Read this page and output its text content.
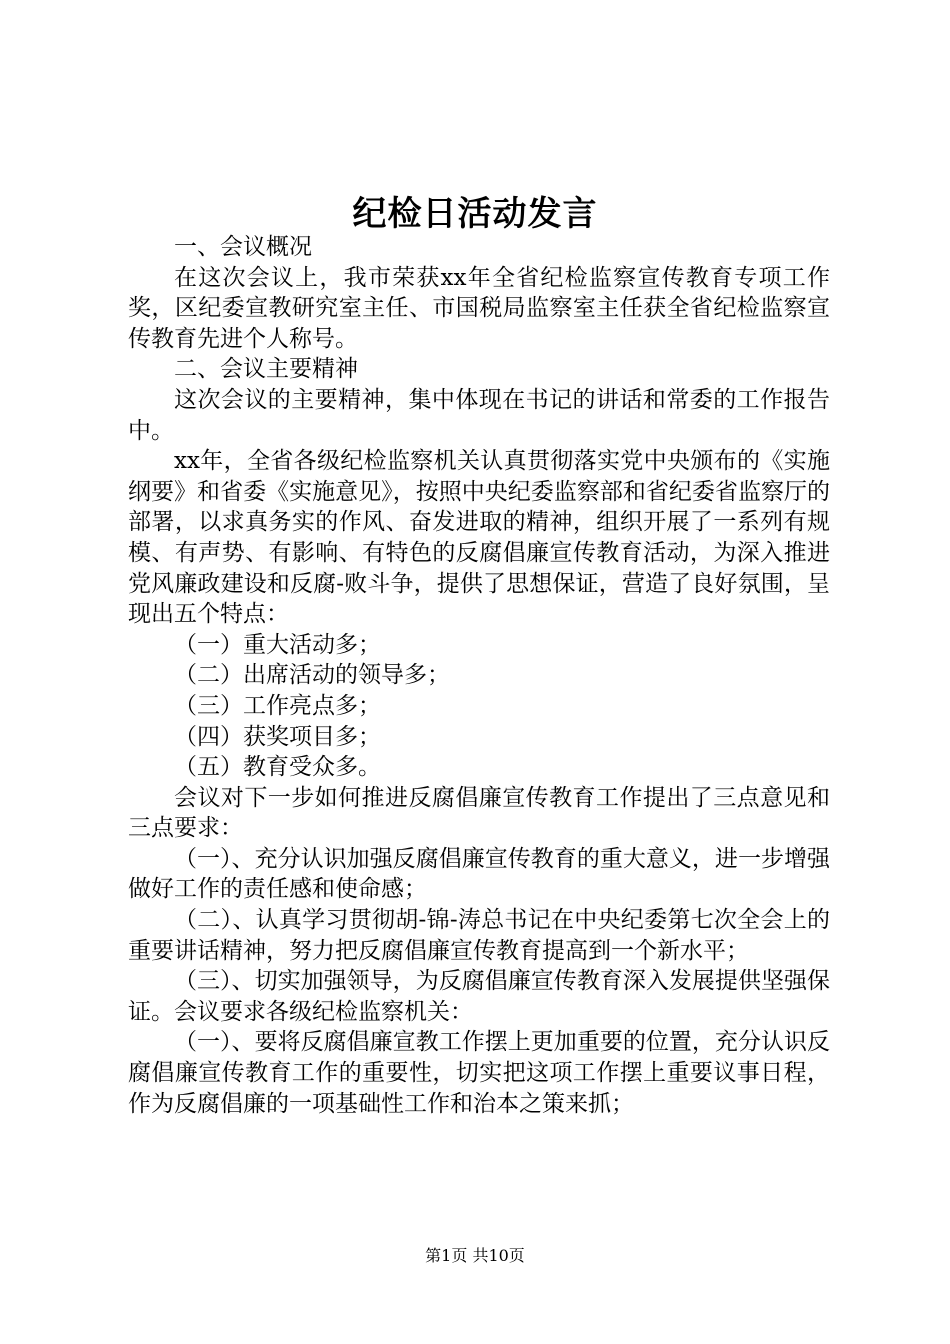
纪检日活动发言

一、会议概况

在这次会议上，我市荣获xx年全省纪检监察宣传教育专项工作奖，区纪委宣教研究室主任、市国税局监察室主任获全省纪检监察宣传教育先进个人称号。

二、会议主要精神

这次会议的主要精神，集中体现在书记的讲话和常委的工作报告中。

xx年，全省各级纪检监察机关认真贯彻落实党中央颁布的《实施纲要》和省委《实施意见》，按照中央纪委监察部和省纪委省监察厅的部署，以求真务实的作风、奋发进取的精神，组织开展了一系列有规模、有声势、有影响、有特色的反腐倡廉宣传教育活动，为深入推进党风廉政建设和反腐-败斗争，提供了思想保证，营造了良好氛围，呈现出五个特点：

（一）重大活动多；

（二）出席活动的领导多；

（三）工作亮点多；

（四）获奖项目多；

（五）教育受众多。

会议对下一步如何推进反腐倡廉宣传教育工作提出了三点意见和三点要求：

（一）、充分认识加强反腐倡廉宣传教育的重大意义，进一步增强做好工作的责任感和使命感；

（二）、认真学习贯彻胡-锦-涛总书记在中央纪委第七次全会上的重要讲话精神，努力把反腐倡廉宣传教育提高到一个新水平；

（三）、切实加强领导，为反腐倡廉宣传教育深入发展提供坚强保证。会议要求各级纪检监察机关：

（一）、要将反腐倡廉宣教工作摆上更加重要的位置，充分认识反腐倡廉宣传教育工作的重要性，切实把这项工作摆上重要议事日程，作为反腐倡廉的一项基础性工作和治本之策来抓；

第1页 共10页
